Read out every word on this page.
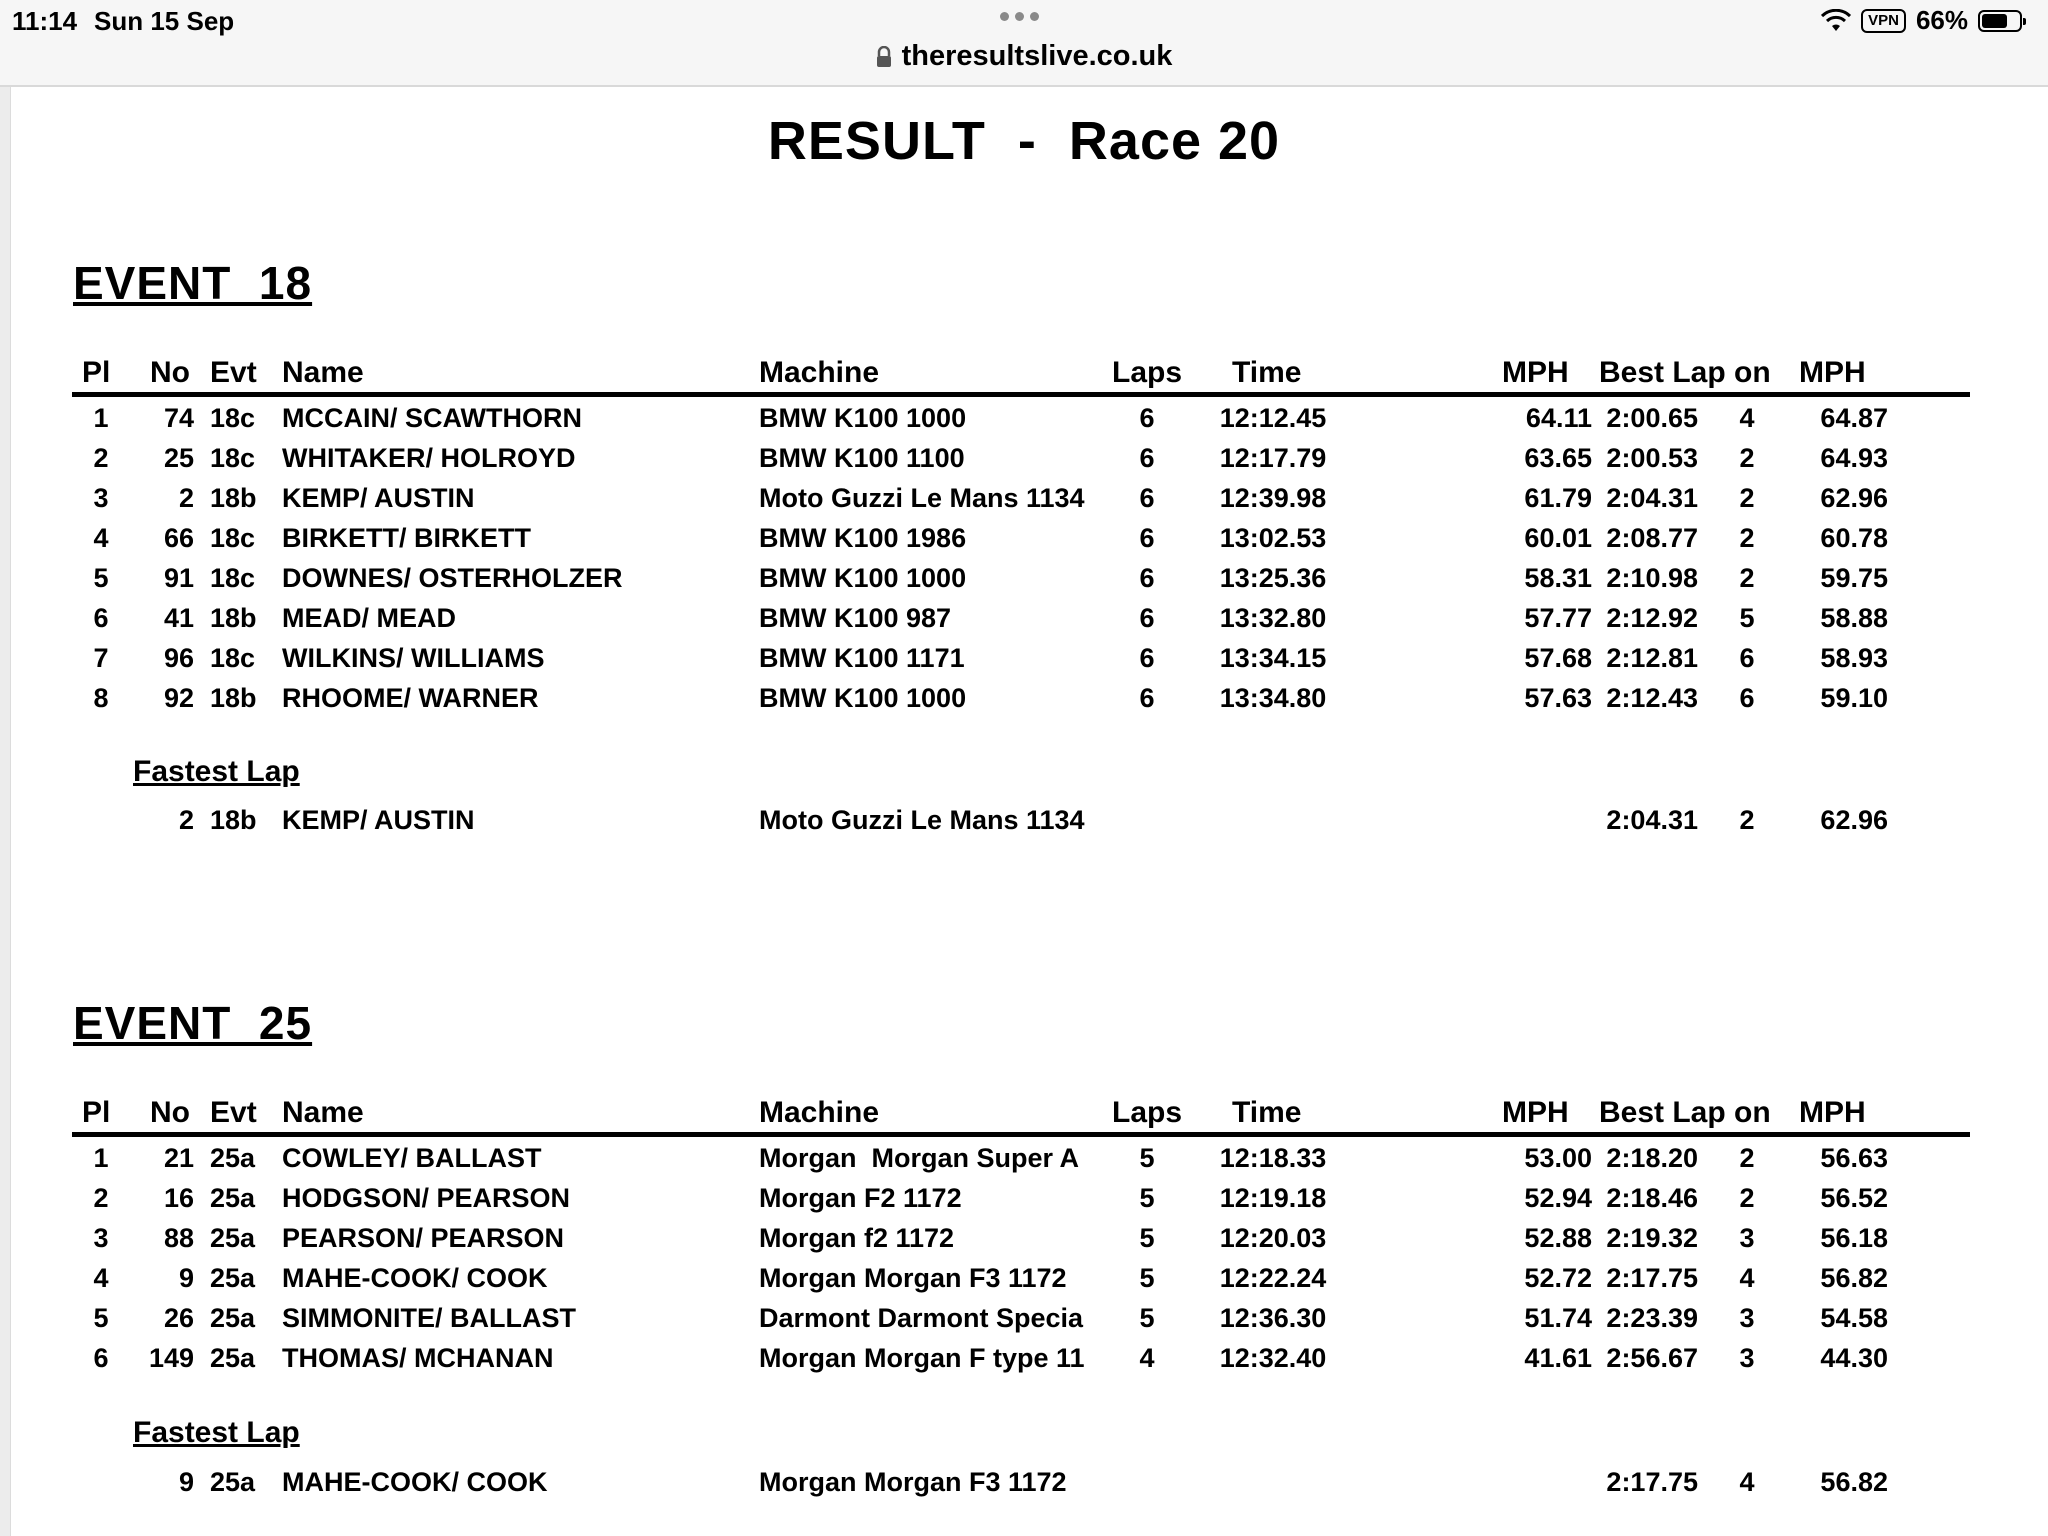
11:14 Sun 15 Sep	VPN 66%
theresultslive.co.uk
RESULT  -  Race 20
EVENT  18
Pl	No Evt Name	Machine	Laps Time	MPH Best Lap on MPH
1	74 18c MCCAIN/ SCAWTHORN	BMW K100 1000	6	12:12.45	64.11 2:00.65 4	64.87
2	25 18c WHITAKER/ HOLROYD	BMW K100 1100	6	12:17.79	63.65 2:00.53 2	64.93
3	2 18b KEMP/ AUSTIN	Moto Guzzi Le Mans 1134	6	12:39.98	61.79 2:04.31 2	62.96
4	66 18c BIRKETT/ BIRKETT	BMW K100 1986	6	13:02.53	60.01 2:08.77 2	60.78
5	91 18c DOWNES/ OSTERHOLZER	BMW K100 1000	6	13:25.36	58.31 2:10.98 2	59.75
6	41 18b MEAD/ MEAD	BMW K100 987	6	13:32.80	57.77 2:12.92 5	58.88
7	96 18c WILKINS/ WILLIAMS	BMW K100 1171	6	13:34.15	57.68 2:12.81 6	58.93
8	92 18b RHOOME/ WARNER	BMW K100 1000	6	13:34.80	57.63 2:12.43 6	59.10
Fastest Lap
2 18b KEMP/ AUSTIN	Moto Guzzi Le Mans 1134	2:04.31 2	62.96
EVENT  25
Pl	No Evt Name	Machine	Laps Time	MPH Best Lap on MPH
1	21 25a COWLEY/ BALLAST	Morgan  Morgan Super A	5	12:18.33	53.00 2:18.20 2	56.63
2	16 25a HODGSON/ PEARSON	Morgan F2 1172	5	12:19.18	52.94 2:18.46 2	56.52
3	88 25a PEARSON/ PEARSON	Morgan f2 1172	5	12:20.03	52.88 2:19.32 3	56.18
4	9 25a MAHE-COOK/ COOK	Morgan Morgan F3 1172	5	12:22.24	52.72 2:17.75 4	56.82
5	26 25a SIMMONITE/ BALLAST	Darmont Darmont Specia	5	12:36.30	51.74 2:23.39 3	54.58
6	149 25a THOMAS/ MCHANAN	Morgan Morgan F type 11	4	12:32.40	41.61 2:56.67 3	44.30
Fastest Lap
9 25a MAHE-COOK/ COOK	Morgan Morgan F3 1172	2:17.75 4	56.82
